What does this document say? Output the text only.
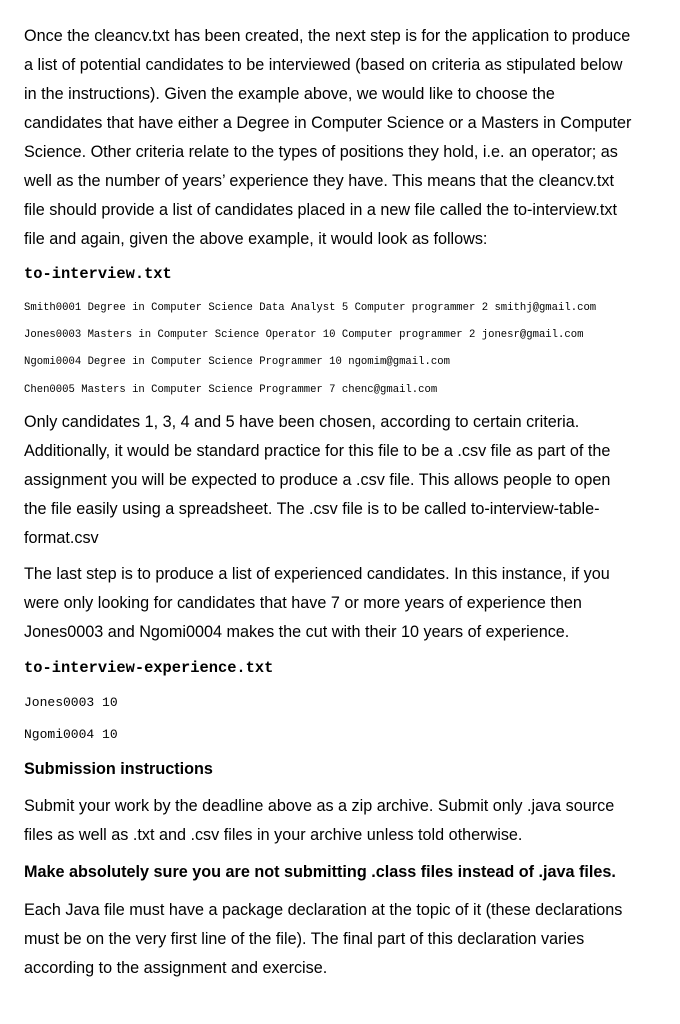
Once the cleancv.txt has been created, the next step is for the application to produce
a list of potential candidates to be interviewed (based on criteria as stipulated below
in the instructions). Given the example above, we would like to choose the
candidates that have either a Degree in Computer Science or a Masters in Computer
Science. Other criteria relate to the types of positions they hold, i.e. an operator; as
well as the number of years’ experience they have. This means that the cleancv.txt
file should provide a list of candidates placed in a new file called the to-interview.txt
file and again, given the above example, it would look as follows:
to-interview.txt
Smith0001 Degree in Computer Science Data Analyst 5 Computer programmer 2 smithj@gmail.com
Jones0003 Masters in Computer Science Operator 10 Computer programmer 2 jonesr@gmail.com
Ngomi0004 Degree in Computer Science Programmer 10 ngomim@gmail.com
Chen0005 Masters in Computer Science Programmer 7 chenc@gmail.com
Only candidates 1, 3, 4 and 5 have been chosen, according to certain criteria.
Additionally, it would be standard practice for this file to be a .csv file as part of the
assignment you will be expected to produce a .csv file. This allows people to open
the file easily using a spreadsheet. The .csv file is to be called to-interview-table-
format.csv
The last step is to produce a list of experienced candidates. In this instance, if you
were only looking for candidates that have 7 or more years of experience then
Jones0003 and Ngomi0004 makes the cut with their 10 years of experience.
to-interview-experience.txt
Jones0003 10
Ngomi0004 10
Submission instructions
Submit your work by the deadline above as a zip archive. Submit only .java source
files as well as .txt and .csv files in your archive unless told otherwise.
Make absolutely sure you are not submitting .class files instead of .java files.
Each Java file must have a package declaration at the topic of it (these declarations
must be on the very first line of the file). The final part of this declaration varies
according to the assignment and exercise.
